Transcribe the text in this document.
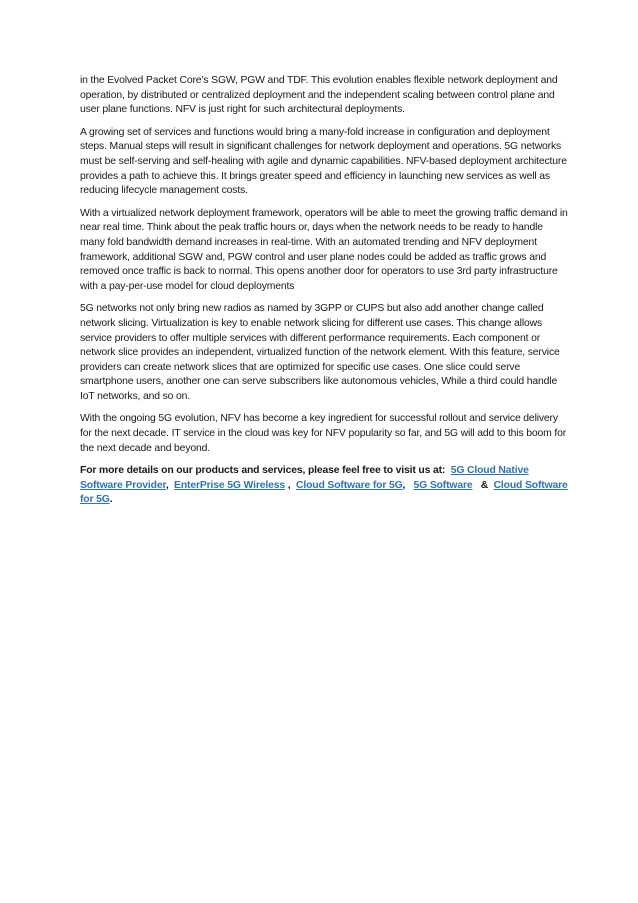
in the Evolved Packet Core’s SGW, PGW and TDF. This evolution enables flexible network deployment and operation, by distributed or centralized deployment and the independent scaling between control plane and user plane functions. NFV is just right for such architectural deployments.

A growing set of services and functions would bring a many-fold increase in configuration and deployment steps. Manual steps will result in significant challenges for network deployment and operations. 5G networks must be self-serving and self-healing with agile and dynamic capabilities. NFV-based deployment architecture provides a path to achieve this. It brings greater speed and efficiency in launching new services as well as reducing lifecycle management costs.

With a virtualized network deployment framework, operators will be able to meet the growing traffic demand in near real time. Think about the peak traffic hours or, days when the network needs to be ready to handle many fold bandwidth demand increases in real-time. With an automated trending and NFV deployment framework, additional SGW and, PGW control and user plane nodes could be added as traffic grows and removed once traffic is back to normal. This opens another door for operators to use 3rd party infrastructure with a pay-per-use model for cloud deployments

5G networks not only bring new radios as named by 3GPP or CUPS but also add another change called network slicing. Virtualization is key to enable network slicing for different use cases. This change allows service providers to offer multiple services with different performance requirements. Each component or network slice provides an independent, virtualized function of the network element. With this feature, service providers can create network slices that are optimized for specific use cases. One slice could serve smartphone users, another one can serve subscribers like autonomous vehicles, While a third could handle IoT networks, and so on.

With the ongoing 5G evolution, NFV has become a key ingredient for successful rollout and service delivery for the next decade. IT service in the cloud was key for NFV popularity so far, and 5G will add to this boom for the next decade and beyond.

For more details on our products and services, please feel free to visit us at: 5G Cloud Native Software Provider, EnterPrise 5G Wireless , Cloud Software for 5G, 5G Software & Cloud Software for 5G.
